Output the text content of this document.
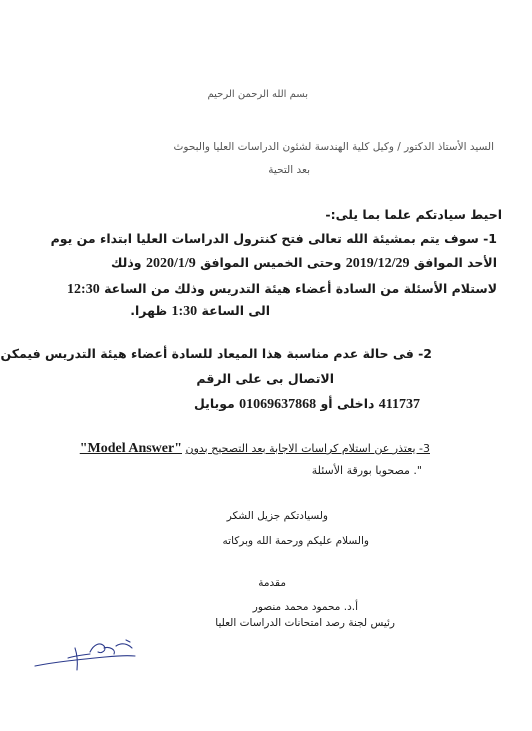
بسم الله الرحمن الرحيم
السيد الأستاذ الدكتور / وكيل كلية الهندسة لشئون الدراسات العليا والبحوث
بعد التحية
احيط سيادتكم علما بما يلى:-
1- سوف يتم بمشيئة الله تعالى فتح كنترول الدراسات العليا ابتداء من يوم
الأحد الموافق 2019/12/29 وحتى الخميس الموافق 2020/1/9 وذلك
لاستلام الأسئلة من السادة أعضاء هيئة التدريس وذلك من الساعة 12:30
الى الساعة 1:30 ظهرا.
2- فى حالة عدم مناسبة هذا الميعاد للسادة أعضاء هيئة التدريس فيمكن
الاتصال بى على الرقم
411737 داخلى أو 01069637868 موبايل
3- يعتذر عن استلام كراسات الاجابة بعد التصحيح بدون "Model Answer"
". مصحوبا بورقة الأسئلة
ولسيادتكم جزيل الشكر
والسلام عليكم ورحمة الله وبركاته
مقدمة
أ.د. محمود محمد منصور
رئيس لجنة رصد امتحانات الدراسات العليا
